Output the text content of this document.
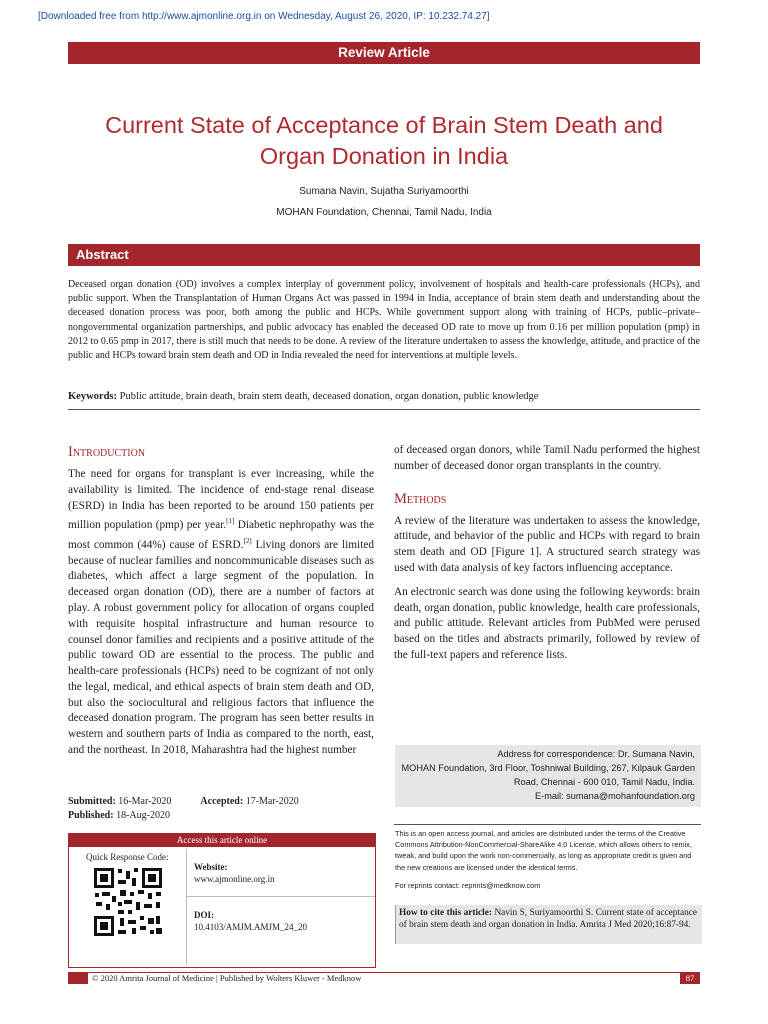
[Downloaded free from http://www.ajmonline.org.in on Wednesday, August 26, 2020, IP: 10.232.74.27]
Review Article
Current State of Acceptance of Brain Stem Death and Organ Donation in India
Sumana Navin, Sujatha Suriyamoorthi
MOHAN Foundation, Chennai, Tamil Nadu, India
Abstract
Deceased organ donation (OD) involves a complex interplay of government policy, involvement of hospitals and health-care professionals (HCPs), and public support. When the Transplantation of Human Organs Act was passed in 1994 in India, acceptance of brain stem death and understanding about the deceased donation process was poor, both among the public and HCPs. While government support along with training of HCPs, public–private–nongovernmental organization partnerships, and public advocacy has enabled the deceased OD rate to move up from 0.16 per million population (pmp) in 2012 to 0.65 pmp in 2017, there is still much that needs to be done. A review of the literature undertaken to assess the knowledge, attitude, and practice of the public and HCPs toward brain stem death and OD in India revealed the need for interventions at multiple levels.
Keywords: Public attitude, brain death, brain stem death, deceased donation, organ donation, public knowledge
Introduction
The need for organs for transplant is ever increasing, while the availability is limited. The incidence of end-stage renal disease (ESRD) in India has been reported to be around 150 patients per million population (pmp) per year.[1] Diabetic nephropathy was the most common (44%) cause of ESRD.[2] Living donors are limited because of nuclear families and noncommunicable diseases such as diabetes, which affect a large segment of the population. In deceased organ donation (OD), there are a number of factors at play. A robust government policy for allocation of organs coupled with requisite hospital infrastructure and human resource to counsel donor families and recipients and a positive attitude of the public toward OD are essential to the process. The public and health-care professionals (HCPs) need to be cognizant of not only the legal, medical, and ethical aspects of brain stem death and OD, but also the sociocultural and religious factors that influence the deceased donation program. The program has seen better results in western and southern parts of India as compared to the north, east, and the northeast. In 2018, Maharashtra had the highest number
of deceased organ donors, while Tamil Nadu performed the highest number of deceased donor organ transplants in the country.
Methods
A review of the literature was undertaken to assess the knowledge, attitude, and behavior of the public and HCPs with regard to brain stem death and OD [Figure 1]. A structured search strategy was used with data analysis of key factors influencing acceptance.
An electronic search was done using the following keywords: brain death, organ donation, public knowledge, health care professionals, and public attitude. Relevant articles from PubMed were perused based on the titles and abstracts primarily, followed by review of the full-text papers and reference lists.
Submitted: 16-Mar-2020	Accepted: 17-Mar-2020
Published: 18-Aug-2020
Access this article online
Quick Response Code:
Website:
www.ajmonline.org.in
DOI:
10.4103/AMJM.AMJM_24_20
Address for correspondence: Dr. Sumana Navin,
MOHAN Foundation, 3rd Floor, Toshniwal Building, 267, Kilpauk Garden
Road, Chennai - 600 010, Tamil Nadu, India.
E-mail: sumana@mohanfoundation.org
This is an open access journal, and articles are distributed under the terms of the Creative Commons Attribution-NonCommercial-ShareAlike 4.0 License, which allows others to remix, tweak, and build upon the work non-commercially, as long as appropriate credit is given and the new creations are licensed under the identical terms.
For reprints contact: reprints@medknow.com
How to cite this article: Navin S, Suriyamoorthi S. Current state of acceptance of brain stem death and organ donation in India. Amrita J Med 2020;16:87-94.
© 2020 Amrita Journal of Medicine | Published by Wolters Kluwer - Medknow	87
